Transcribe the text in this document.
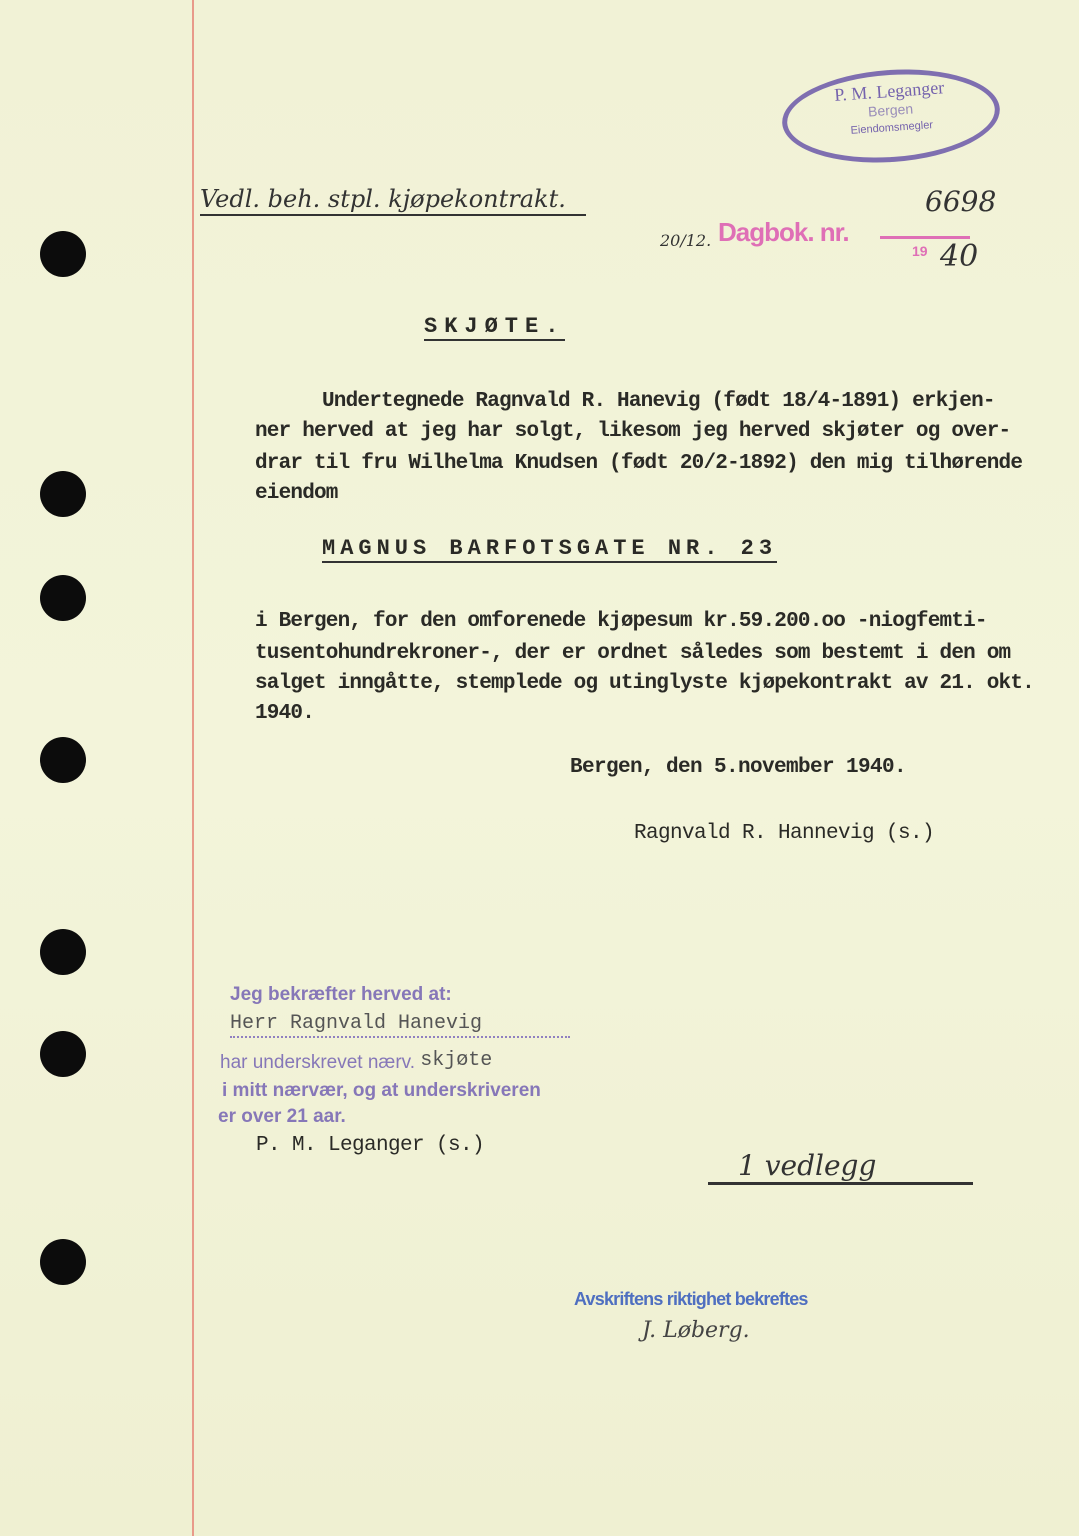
P. M. Leganger
Bergen
Eiendomsmegler
Vedl. beh. stpl. kjøpekontrakt.
20/12. Dagbok. nr.
6698
19 40
SKJØTE.
Undertegnede Ragnvald R. Hanevig (født 18/4-1891) erkjen-
ner herved at jeg har solgt, likesom jeg herved skjøter og over-
drar til fru Wilhelma Knudsen (født 20/2-1892) den mig tilhørende
eiendom
MAGNUS BARFOTSGATE NR. 23
i Bergen, for den omforenede kjøpesum kr.59.200.oo -niogfemti-
tusentohundrekroner-, der er ordnet således som bestemt i den om
salget inngåtte, stemplede og utinglyste kjøpekontrakt av 21. okt.
1940.
Bergen, den 5.november 1940.
Ragnvald R. Hannevig (s.)
Jeg bekræfter herved at:
Herr Ragnvald Hanevig
har underskrevet nærv. skjøte
i mitt nærvær, og at underskriveren
er over 21 aar.
P. M. Leganger (s.)
1 vedlegg
Avskriftens riktighet bekreftes
J. Løberg.
